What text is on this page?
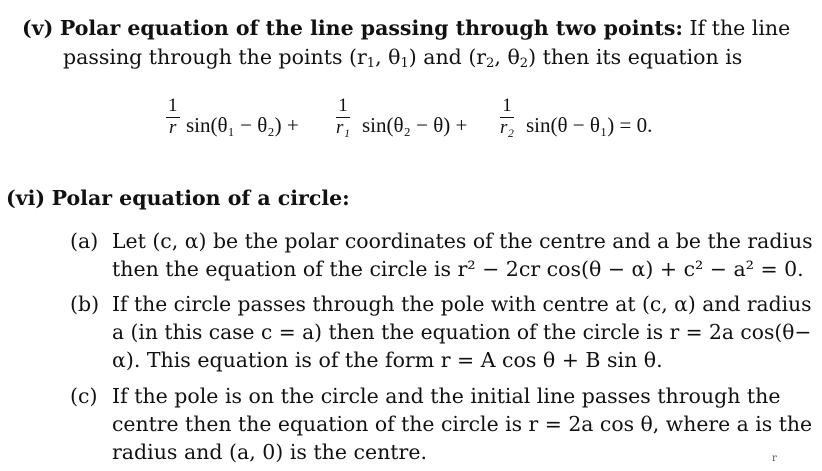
(v) Polar equation of the line passing through two points: If the line
passing through the points ($r_1$, $\theta_1$) and ($r_2$, $\theta_2$) then its equation is
$\frac{1}{r} \sin(\theta_1 - \theta_2) + \frac{1}{\text{r₁}} \sin(\theta_2 - \theta) + \frac{1}{\text{r₂}} \sin(\theta - \theta_1) = 0$.
(vi) Polar equation of a circle:
(a) Let (c, α) be the polar coordinates of the centre and a be the radius
then the equation of the circle is r² − 2cr cos(θ − α) + c² − a² = 0.
(b) If the circle passes through the pole with centre at (c, α) and radius
a (in this case c = a) then the equation of the circle is r = 2a cos(θ−
α). This equation is of the form r = A cos θ + B sin θ.
(c) If the pole is on the circle and the initial line passes through the
centre then the equation of the circle is r = 2a cos θ, where a is the
radius and (a, 0) is the centre.	r
